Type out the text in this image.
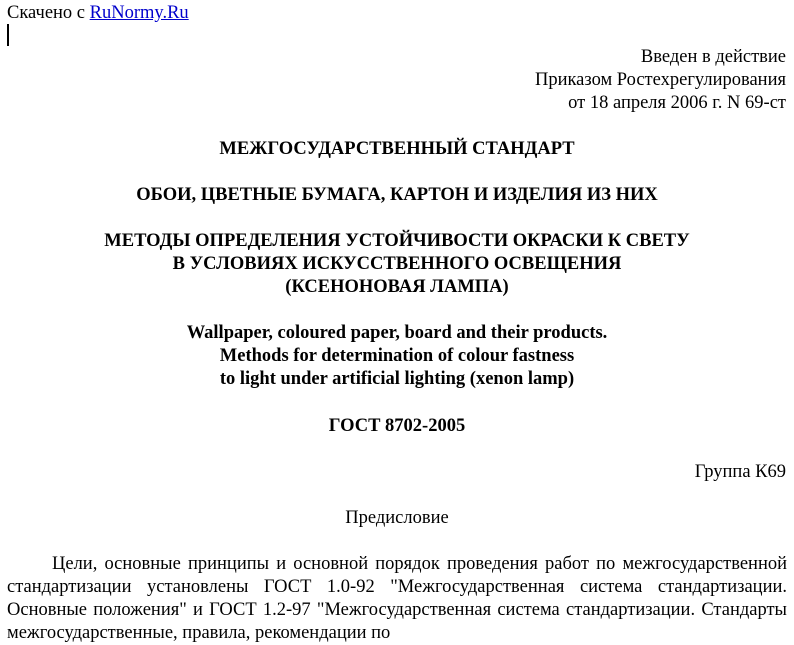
Скачено с RuNormy.Ru
Введен в действие
Приказом Ростехрегулирования
от 18 апреля 2006 г. N 69-ст
МЕЖГОСУДАРСТВЕННЫЙ СТАНДАРТ
ОБОИ, ЦВЕТНЫЕ БУМАГА, КАРТОН И ИЗДЕЛИЯ ИЗ НИХ
МЕТОДЫ ОПРЕДЕЛЕНИЯ УСТОЙЧИВОСТИ ОКРАСКИ К СВЕТУ
В УСЛОВИЯХ ИСКУССТВЕННОГО ОСВЕЩЕНИЯ
(КСЕНОНОВАЯ ЛАМПА)
Wallpaper, coloured paper, board and their products.
Methods for determination of colour fastness
to light under artificial lighting (xenon lamp)
ГОСТ 8702-2005
Группа К69
Предисловие
Цели, основные принципы и основной порядок проведения работ по межгосударственной стандартизации установлены ГОСТ 1.0-92 "Межгосударственная система стандартизации. Основные положения" и ГОСТ 1.2-97 "Межгосударственная система стандартизации. Стандарты межгосударственные, правила, рекомендации по
